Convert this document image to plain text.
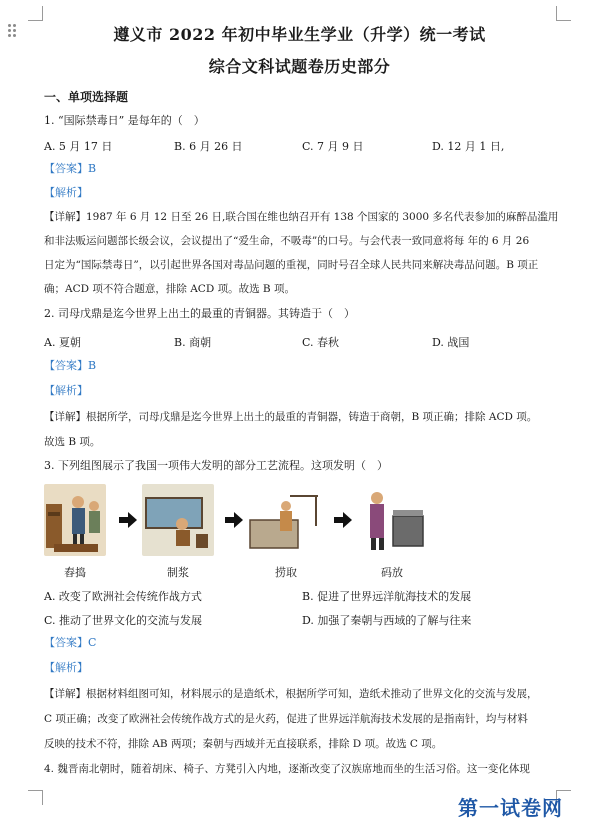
遵义市 2022 年初中毕业生学业（升学）统一考试
综合文科试题卷历史部分
一、单项选择题
1. “国际禁毒日” 是每年的（　）
A. 5 月 17 日	B. 6 月 26 日	C. 7 月 9 日	D. 12 月 1 日,
【答案】B
【解析】
【详解】1987 年 6 月 12 日至 26 日,联合国在维也纳召开有 138 个国家的 3000 多名代表参加的麻醉品滥用
和非法贩运问题部长级会议，会议提出了“爱生命，不吸毒”的口号。与会代表一致同意将每 年的 6 月 26
日定为“国际禁毒日”，以引起世界各国对毒品问题的重视，同时号召全球人民共同来解决毒品问题。B 项正
确；ACD 项不符合题意，排除 ACD 项。故选 B 项。
2. 司母戊鼎是迄今世界上出土的最重的青铜器。其铸造于（　）
A. 夏朝	B. 商朝	C. 春秋	D. 战国
【答案】B
【解析】
【详解】根据所学，司母戊鼎是迄今世界上出土的最重的青铜器，铸造于商朝，B 项正确；排除 ACD 项。
故选 B 项。
3. 下列组图展示了我国一项伟大发明的部分工艺流程。这项发明（　）
舂捣	制浆	捞取	码放
A. 改变了欧洲社会传统作战方式	B. 促进了世界远洋航海技术的发展
C. 推动了世界文化的交流与发展	D. 加强了秦朝与西域的了解与往来
【答案】C
【解析】
【详解】根据材料组图可知，材料展示的是造纸术，根据所学可知，造纸术推动了世界文化的交流与发展，
C 项正确；改变了欧洲社会传统作战方式的是火药，促进了世界远洋航海技术发展的是指南针，均与材料
反映的技术不符，排除 AB 两项；秦朝与西域并无直接联系，排除 D 项。故选 C 项。
4. 魏晋南北朝时，随着胡床、椅子、方凳引入内地，逐渐改变了汉族席地而坐的生活习俗。这一变化体现
第一试卷网
